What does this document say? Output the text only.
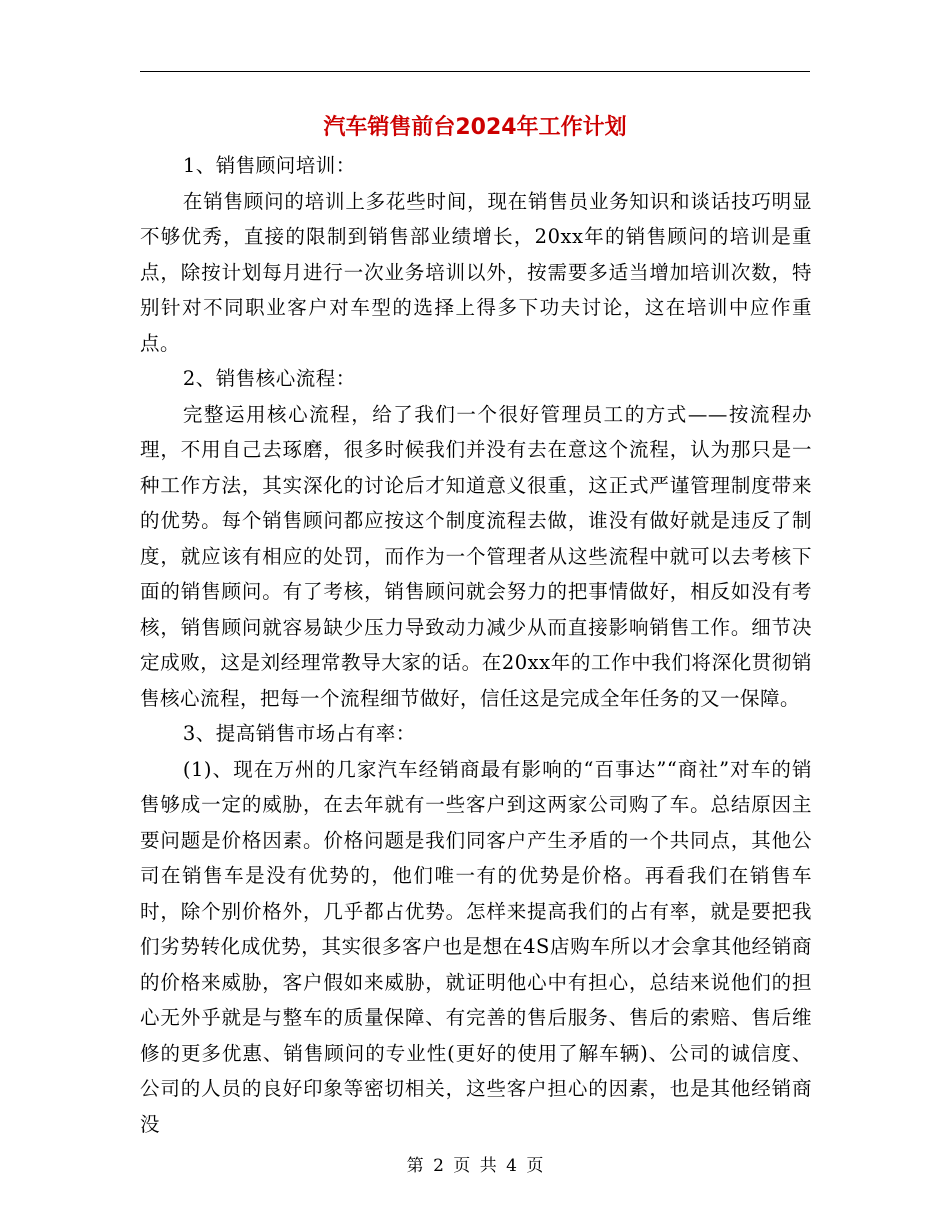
汽车销售前台2024年工作计划

1、销售顾问培训：

在销售顾问的培训上多花些时间，现在销售员业务知识和谈话技巧明显不够优秀，直接的限制到销售部业绩增长，20xx年的销售顾问的培训是重点，除按计划每月进行一次业务培训以外，按需要多适当增加培训次数，特别针对不同职业客户对车型的选择上得多下功夫讨论，这在培训中应作重点。

2、销售核心流程：

完整运用核心流程，给了我们一个很好管理员工的方式——按流程办理，不用自己去琢磨，很多时候我们并没有去在意这个流程，认为那只是一种工作方法，其实深化的讨论后才知道意义很重，这正式严谨管理制度带来的优势。每个销售顾问都应按这个制度流程去做，谁没有做好就是违反了制度，就应该有相应的处罚，而作为一个管理者从这些流程中就可以去考核下面的销售顾问。有了考核，销售顾问就会努力的把事情做好，相反如没有考核，销售顾问就容易缺少压力导致动力减少从而直接影响销售工作。细节决定成败，这是刘经理常教导大家的话。在20xx年的工作中我们将深化贯彻销售核心流程，把每一个流程细节做好，信任这是完成全年任务的又一保障。

3、提高销售市场占有率：

(1)、现在万州的几家汽车经销商最有影响的“百事达”“商社”对车的销售够成一定的威胁，在去年就有一些客户到这两家公司购了车。总结原因主要问题是价格因素。价格问题是我们同客户产生矛盾的一个共同点，其他公司在销售车是没有优势的，他们唯一有的优势是价格。再看我们在销售车时，除个别价格外，几乎都占优势。怎样来提高我们的占有率，就是要把我们劣势转化成优势，其实很多客户也是想在4S店购车所以才会拿其他经销商的价格来威胁，客户假如来威胁，就证明他心中有担心，总结来说他们的担心无外乎就是与整车的质量保障、有完善的售后服务、售后的索赔、售后维修的更多优惠、销售顾问的专业性(更好的使用了解车辆)、公司的诚信度、公司的人员的良好印象等密切相关，这些客户担心的因素，也是其他经销商没

第 2 页 共 4 页
